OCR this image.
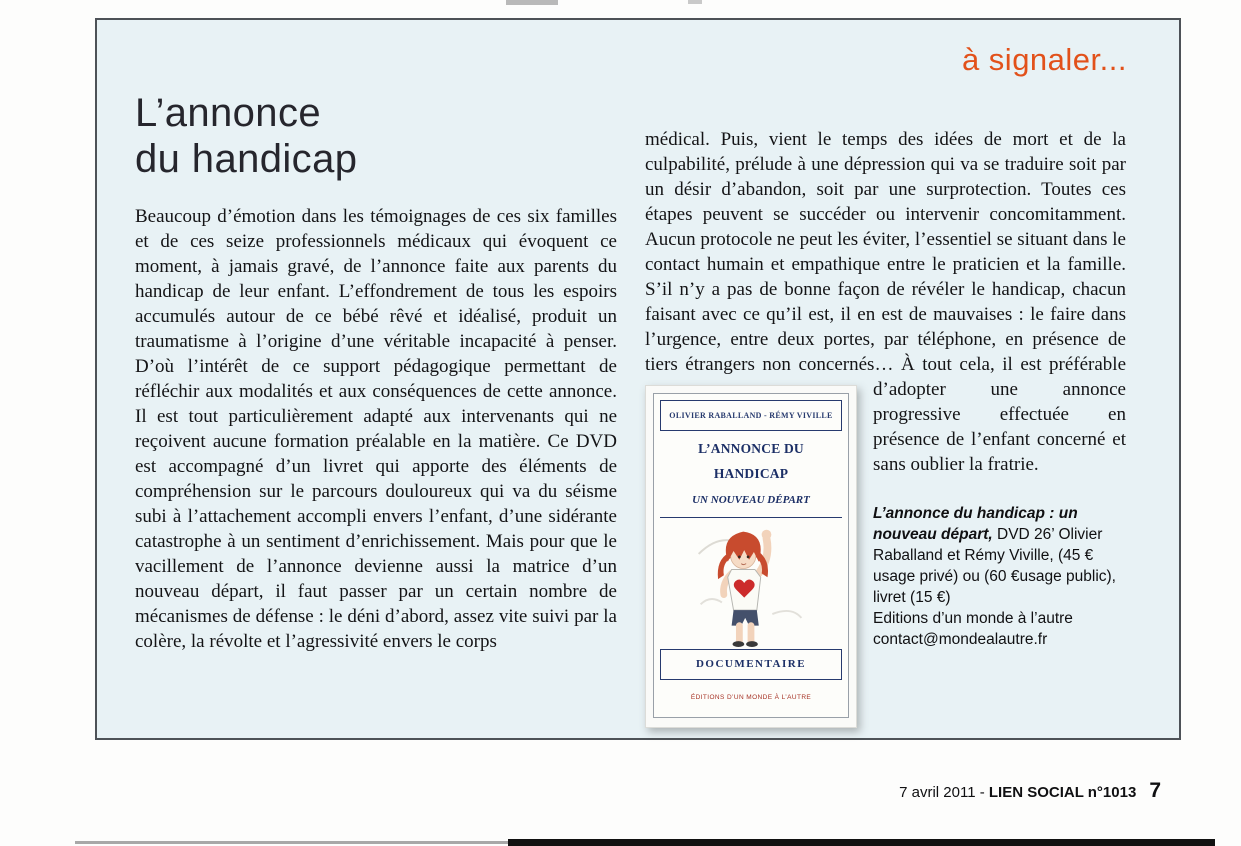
à signaler...
L’annonce
du handicap

Beaucoup d’émotion dans les témoignages de ces six familles et de ces seize professionnels médicaux qui évoquent ce moment, à jamais gravé, de l’annonce faite aux parents du handicap de leur enfant. L’effondrement de tous les espoirs accumulés autour de ce bébé rêvé et idéalisé, produit un traumatisme à l’origine d’une véritable incapacité à penser. D’où l’intérêt de ce support pédagogique permettant de réfléchir aux modalités et aux conséquences de cette annonce. Il est tout particulièrement adapté aux intervenants qui ne reçoivent aucune formation préalable en la matière. Ce DVD est accompagné d’un livret qui apporte des éléments de compréhension sur le parcours douloureux qui va du séisme subi à l’attachement accompli envers l’enfant, d’une sidérante catastrophe à un sentiment d’enrichissement. Mais pour que le vacillement de l’annonce devienne aussi la matrice d’un nouveau départ, il faut passer par un certain nombre de mécanismes de défense : le déni d’abord, assez vite suivi par la colère, la révolte et l’agressivité envers le corps

médical. Puis, vient le temps des idées de mort et de la culpabilité, prélude à une dépression qui va se traduire soit par un désir d’abandon, soit par une surprotection. Toutes ces étapes peuvent se succéder ou intervenir concomitamment. Aucun protocole ne peut les éviter, l’essentiel se situant dans le contact humain et empathique entre le praticien et la famille. S’il n’y a pas de bonne façon de révéler le handicap, chacun faisant avec ce qu’il est, il en est de mauvaises : le faire dans l’urgence, entre deux portes, par téléphone, en présence de tiers étrangers non concernés… À tout
OLIVIER RABALLAND - RÉMY VIVILLE
L’ANNONCE DU HANDICAP
UN NOUVEAU DÉPART
DOCUMENTAIRE
ÉDITIONS D’UN MONDE À L’AUTRE
cela, il est préférable d’adopter une annonce progressive effectuée en présence de l’enfant concerné et sans oublier la fratrie.

L’annonce du handicap : un nouveau départ, DVD 26’ Olivier Raballand et Rémy Viville, (45 € usage privé) ou (60 €usage public), livret (15 €)
Editions d’un monde à l’autre
contact@mondealautre.fr
7 avril 2011 - LIEN SOCIAL n°1013 7
